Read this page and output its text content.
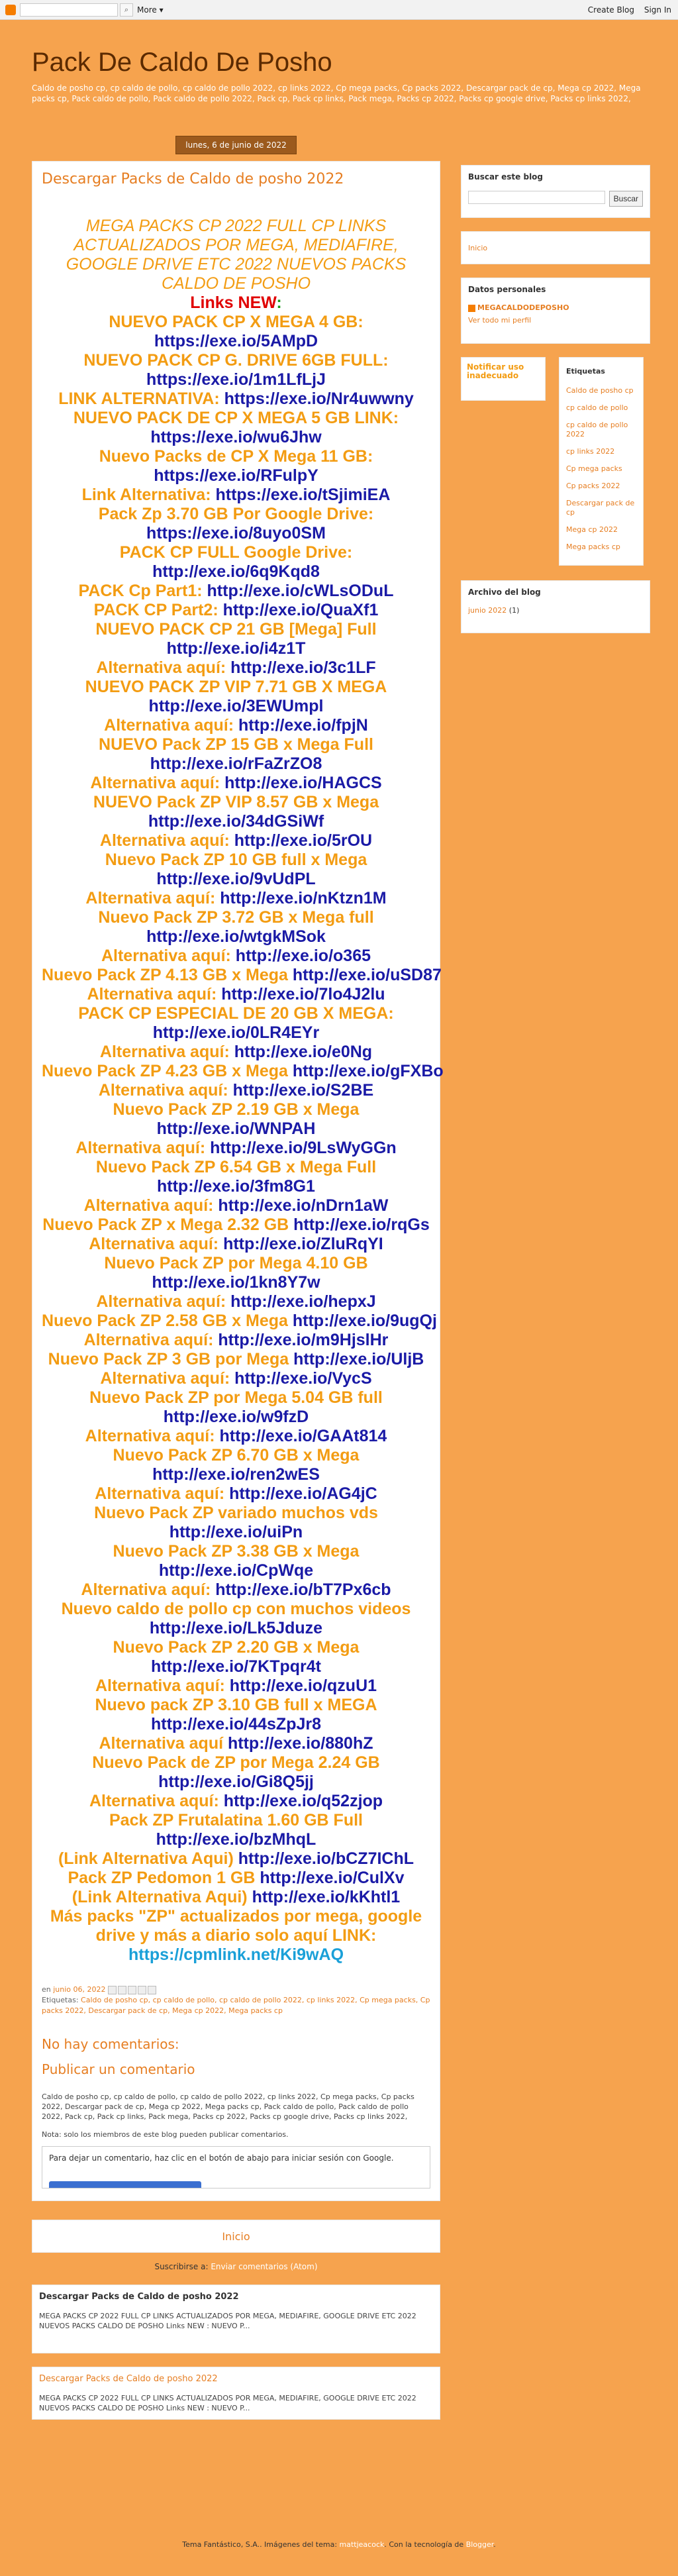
⌕	More ▾	Create Blog Sign In
Pack De Caldo De Posho
Caldo de posho cp, cp caldo de pollo, cp caldo de pollo 2022, cp links 2022, Cp mega packs, Cp packs 2022, Descargar pack de cp, Mega cp 2022, Mega packs cp, Pack caldo de pollo, Pack caldo de pollo 2022, Pack cp, Pack cp links, Pack mega, Packs cp 2022, Packs cp google drive, Packs cp links 2022,
lunes, 6 de junio de 2022
Descargar Packs de Caldo de posho 2022
MEGA PACKS CP 2022 FULL CP LINKS ACTUALIZADOS POR MEGA, MEDIAFIRE, GOOGLE DRIVE ETC 2022 NUEVOS PACKS CALDO DE POSHO
Links NEW:
NUEVO PACK CP X MEGA 4 GB:
https://exe.io/5AMpD
NUEVO PACK CP G. DRIVE 6GB FULL:
https://exe.io/1m1LfLjJ
LINK ALTERNATIVA: https://exe.io/Nr4uwwny
NUEVO PACK DE CP X MEGA 5 GB LINK:
https://exe.io/wu6Jhw
Nuevo Packs de CP X Mega 11 GB:
https://exe.io/RFulpY
Link Alternativa: https://exe.io/tSjimiEA
Pack Zp 3.70 GB Por Google Drive:
https://exe.io/8uyo0SM
PACK CP FULL Google Drive:
http://exe.io/6q9Kqd8
PACK Cp Part1: http://exe.io/cWLsODuL
PACK CP Part2: http://exe.io/QuaXf1
NUEVO PACK CP 21 GB [Mega] Full
http://exe.io/i4z1T
Alternativa aquí: http://exe.io/3c1LF
NUEVO PACK ZP VIP 7.71 GB X MEGA
http://exe.io/3EWUmpl
Alternativa aquí: http://exe.io/fpjN
NUEVO Pack ZP 15 GB x Mega Full
http://exe.io/rFaZrZO8
Alternativa aquí: http://exe.io/HAGCS
NUEVO Pack ZP VIP 8.57 GB x Mega
http://exe.io/34dGSiWf
Alternativa aquí: http://exe.io/5rOU
Nuevo Pack ZP 10 GB full x Mega
http://exe.io/9vUdPL
Alternativa aquí: http://exe.io/nKtzn1M
Nuevo Pack ZP 3.72 GB x Mega full
http://exe.io/wtgkMSok
Alternativa aquí: http://exe.io/o365
Nuevo Pack ZP 4.13 GB x Mega http://exe.io/uSD87
Alternativa aquí: http://exe.io/7lo4J2lu
PACK CP ESPECIAL DE 20 GB X MEGA:
http://exe.io/0LR4EYr
Alternativa aquí: http://exe.io/e0Ng
Nuevo Pack ZP 4.23 GB x Mega http://exe.io/gFXBo
Alternativa aquí: http://exe.io/S2BE
Nuevo Pack ZP 2.19 GB x Mega
http://exe.io/WNPAH
Alternativa aquí: http://exe.io/9LsWyGGn
Nuevo Pack ZP 6.54 GB x Mega Full
http://exe.io/3fm8G1
Alternativa aquí: http://exe.io/nDrn1aW
Nuevo Pack ZP x Mega 2.32 GB http://exe.io/rqGs
Alternativa aquí: http://exe.io/ZluRqYI
Nuevo Pack ZP por Mega 4.10 GB
http://exe.io/1kn8Y7w
Alternativa aquí: http://exe.io/hepxJ
Nuevo Pack ZP 2.58 GB x Mega http://exe.io/9ugQj
Alternativa aquí: http://exe.io/m9HjslHr
Nuevo Pack ZP 3 GB por Mega http://exe.io/UljB
Alternativa aquí: http://exe.io/VycS
Nuevo Pack ZP por Mega 5.04 GB full
http://exe.io/w9fzD
Alternativa aquí: http://exe.io/GAAt814
Nuevo Pack ZP 6.70 GB x Mega
http://exe.io/ren2wES
Alternativa aquí: http://exe.io/AG4jC
Nuevo Pack ZP variado muchos vds
http://exe.io/uiPn
Nuevo Pack ZP 3.38 GB x Mega
http://exe.io/CpWqe
Alternativa aquí: http://exe.io/bT7Px6cb
Nuevo caldo de pollo cp con muchos videos
http://exe.io/Lk5Jduze
Nuevo Pack ZP 2.20 GB x Mega
http://exe.io/7KTpqr4t
Alternativa aquí: http://exe.io/qzuU1
Nuevo pack ZP 3.10 GB full x MEGA
http://exe.io/44sZpJr8
Alternativa aquí http://exe.io/880hZ
Nuevo Pack de ZP por Mega 2.24 GB
http://exe.io/Gi8Q5jj
Alternativa aquí: http://exe.io/q52zjop
Pack ZP Frutalatina 1.60 GB Full
http://exe.io/bzMhqL
(Link Alternativa Aqui) http://exe.io/bCZ7IChL
Pack ZP Pedomon 1 GB http://exe.io/CulXv
(Link Alternativa Aqui) http://exe.io/kKhtl1
Más packs "ZP" actualizados por mega, google drive y más a diario solo aquí LINK:
https://cpmlink.net/Ki9wAQ
en junio 06, 2022
Etiquetas: Caldo de posho cp, cp caldo de pollo, cp caldo de pollo 2022, cp links 2022, Cp mega packs, Cp packs 2022, Descargar pack de cp, Mega cp 2022, Mega packs cp
No hay comentarios:
Publicar un comentario
Caldo de posho cp, cp caldo de pollo, cp caldo de pollo 2022, cp links 2022, Cp mega packs, Cp packs 2022, Descargar pack de cp, Mega cp 2022, Mega packs cp, Pack caldo de pollo, Pack caldo de pollo 2022, Pack cp, Pack cp links, Pack mega, Packs cp 2022, Packs cp google drive, Packs cp links 2022,
Nota: solo los miembros de este blog pueden publicar comentarios.
Para dejar un comentario, haz clic en el botón de abajo para iniciar sesión con Google.
Inicio
Suscribirse a: Enviar comentarios (Atom)
Descargar Packs de Caldo de posho 2022
MEGA PACKS CP 2022 FULL CP LINKS ACTUALIZADOS POR MEGA, MEDIAFIRE, GOOGLE DRIVE ETC 2022 NUEVOS PACKS CALDO DE POSHO Links NEW : NUEVO P...
Descargar Packs de Caldo de posho 2022
MEGA PACKS CP 2022 FULL CP LINKS ACTUALIZADOS POR MEGA, MEDIAFIRE, GOOGLE DRIVE ETC 2022 NUEVOS PACKS CALDO DE POSHO Links NEW : NUEVO P...
Buscar este blog
Buscar
Inicio
Datos personales
MEGACALDODEPOSHO
Ver todo mi perfil
Notificar uso inadecuado	Etiquetas
Caldo de posho cp
cp caldo de pollo
cp caldo de pollo 2022
cp links 2022
Cp mega packs
Cp packs 2022
Descargar pack de cp
Mega cp 2022
Mega packs cp
Archivo del blog
junio 2022 (1)
Tema Fantástico, S.A.. Imágenes del tema: mattjeacock. Con la tecnología de Blogger.
